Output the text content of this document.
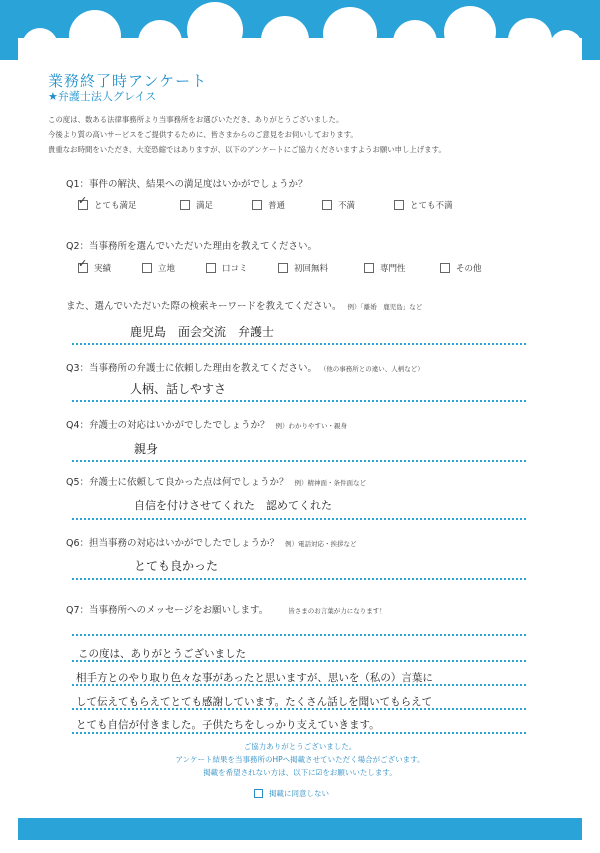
業務終了時アンケート
★弁護士法人グレイス
この度は、数ある法律事務所より当事務所をお選びいただき、ありがとうございました。
今後より質の高いサービスをご提供するために、皆さまからのご意見をお伺いしております。
貴重なお時間をいただき、大変恐縮ではありますが、以下のアンケートにご協力くださいますようお願い申し上げます。
Q1：事件の解決、結果への満足度はいかがでしょうか？
✓
とても満足	満足	普通	不満	とても不満
Q2：当事務所を選んでいただいた理由を教えてください。
✓
実績	立地	口コミ	初回無料	専門性	その他
また、選んでいただいた際の検索キーワードを教えてください。 例）「離婚　鹿児島」など
鹿児島　面会交流　弁護士
Q3：当事務所の弁護士に依頼した理由を教えてください。 （他の事務所との違い、人柄など）
人柄、話しやすさ
Q4：弁護士の対応はいかがでしたでしょうか？ 例）わかりやすい・親身
親身
Q5：弁護士に依頼して良かった点は何でしょうか？ 例）精神面・条件面など
自信を付けさせてくれた　認めてくれた
Q6：担当事務の対応はいかがでしたでしょうか？ 例）電話対応・挨拶など
とても良かった
Q7：当事務所へのメッセージをお願いします。	皆さまのお言葉が力になります！
この度は、ありがとうございました
相手方とのやり取り色々な事があったと思いますが、思いを（私の）言葉に
して伝えてもらえてとても感謝しています。たくさん話しを聞いてもらえて
とても自信が付きました。子供たちをしっかり支えていきます。
ご協力ありがとうございました。
アンケート結果を当事務所のHPへ掲載させていただく場合がございます。
掲載を希望されない方は、以下に☑をお願いいたします。
掲載に同意しない
